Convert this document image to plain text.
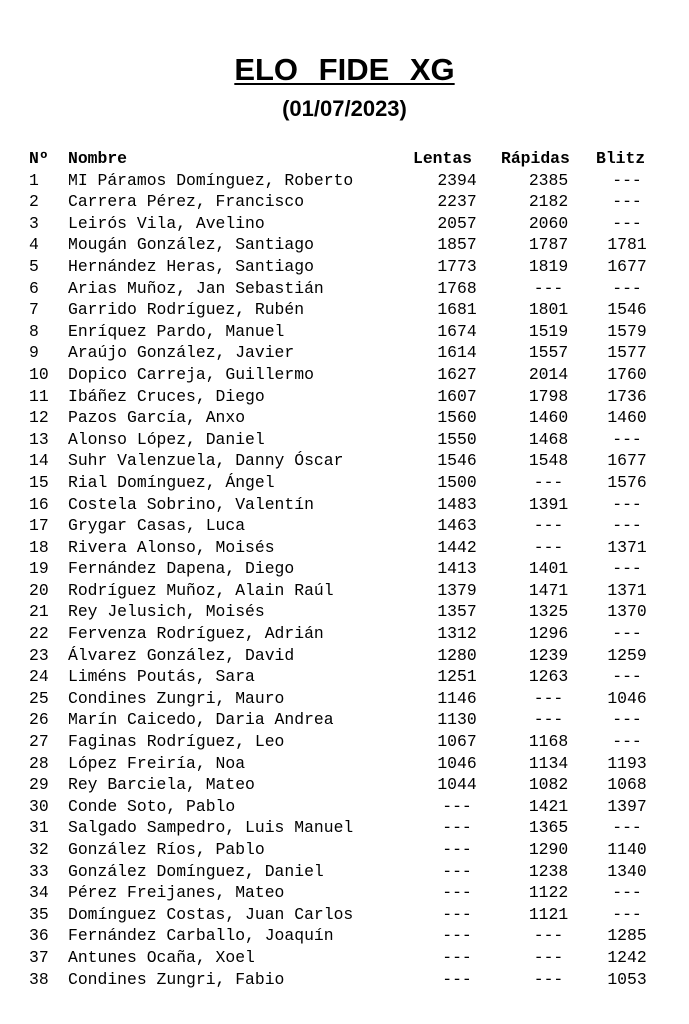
ELO FIDE XG
(01/07/2023)
Nº	Nombre	Lentas	Rápidas	Blitz
1	MI Páramos Domínguez, Roberto	2394	2385	---
2	Carrera Pérez, Francisco	2237	2182	---
3	Leirós Vila, Avelino	2057	2060	---
4	Mougán González, Santiago	1857	1787	1781
5	Hernández Heras, Santiago	1773	1819	1677
6	Arias Muñoz, Jan Sebastián	1768	---	---
7	Garrido Rodríguez, Rubén	1681	1801	1546
8	Enríquez Pardo, Manuel	1674	1519	1579
9	Araújo González, Javier	1614	1557	1577
10	Dopico Carreja, Guillermo	1627	2014	1760
11	Ibáñez Cruces, Diego	1607	1798	1736
12	Pazos García, Anxo	1560	1460	1460
13	Alonso López, Daniel	1550	1468	---
14	Suhr Valenzuela, Danny Óscar	1546	1548	1677
15	Rial Domínguez, Ángel	1500	---	1576
16	Costela Sobrino, Valentín	1483	1391	---
17	Grygar Casas, Luca	1463	---	---
18	Rivera Alonso, Moisés	1442	---	1371
19	Fernández Dapena, Diego	1413	1401	---
20	Rodríguez Muñoz, Alain Raúl	1379	1471	1371
21	Rey Jelusich, Moisés	1357	1325	1370
22	Fervenza Rodríguez, Adrián	1312	1296	---
23	Álvarez González, David	1280	1239	1259
24	Liméns Poutás, Sara	1251	1263	---
25	Condines Zungri, Mauro	1146	---	1046
26	Marín Caicedo, Daria Andrea	1130	---	---
27	Faginas Rodríguez, Leo	1067	1168	---
28	López Freiría, Noa	1046	1134	1193
29	Rey Barciela, Mateo	1044	1082	1068
30	Conde Soto, Pablo	---	1421	1397
31	Salgado Sampedro, Luis Manuel	---	1365	---
32	González Ríos, Pablo	---	1290	1140
33	González Domínguez, Daniel	---	1238	1340
34	Pérez Freijanes, Mateo	---	1122	---
35	Domínguez Costas, Juan Carlos	---	1121	---
36	Fernández Carballo, Joaquín	---	---	1285
37	Antunes Ocaña, Xoel	---	---	1242
38	Condines Zungri, Fabio	---	---	1053
